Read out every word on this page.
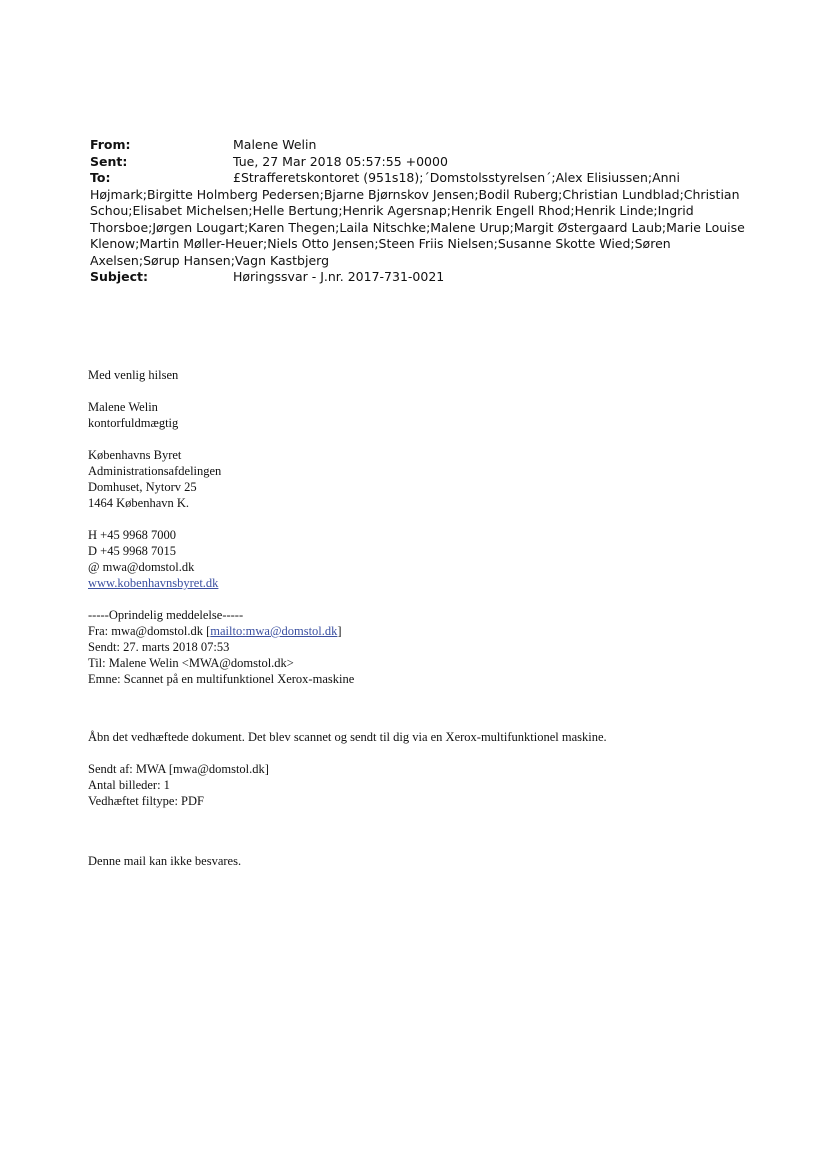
From:	Malene Welin
Sent:	Tue, 27 Mar 2018 05:57:55 +0000
To:	£Strafferetskontoret (951s18);´Domstolsstyrelsen´;Alex Elisiussen;Anni
Højmark;Birgitte Holmberg Pedersen;Bjarne Bjørnskov Jensen;Bodil Ruberg;Christian Lundblad;Christian
Schou;Elisabet Michelsen;Helle Bertung;Henrik Agersnap;Henrik Engell Rhod;Henrik Linde;Ingrid
Thorsboe;Jørgen Lougart;Karen Thegen;Laila Nitschke;Malene Urup;Margit Østergaard Laub;Marie Louise
Klenow;Martin Møller-Heuer;Niels Otto Jensen;Steen Friis Nielsen;Susanne Skotte Wied;Søren
Axelsen;Sørup Hansen;Vagn Kastbjerg
Subject:	Høringssvar - J.nr. 2017-731-0021

Med venlig hilsen

Malene Welin

kontorfuldmægtig

Københavns Byret

Administrationsafdelingen

Domhuset, Nytorv 25

1464 København K.

H +45 9968 7000

D +45 9968 7015

@ mwa@domstol.dk

www.kobenhavnsbyret.dk

-----Oprindelig meddelelse-----

Fra: mwa@domstol.dk [mailto:mwa@domstol.dk]

Sendt: 27. marts 2018 07:53

Til: Malene Welin <MWA@domstol.dk>

Emne: Scannet på en multifunktionel Xerox-maskine

Åbn det vedhæftede dokument. Det blev scannet og sendt til dig via en Xerox-multifunktionel maskine.

Sendt af: MWA [mwa@domstol.dk]

Antal billeder: 1

Vedhæftet filtype: PDF

Denne mail kan ikke besvares.
